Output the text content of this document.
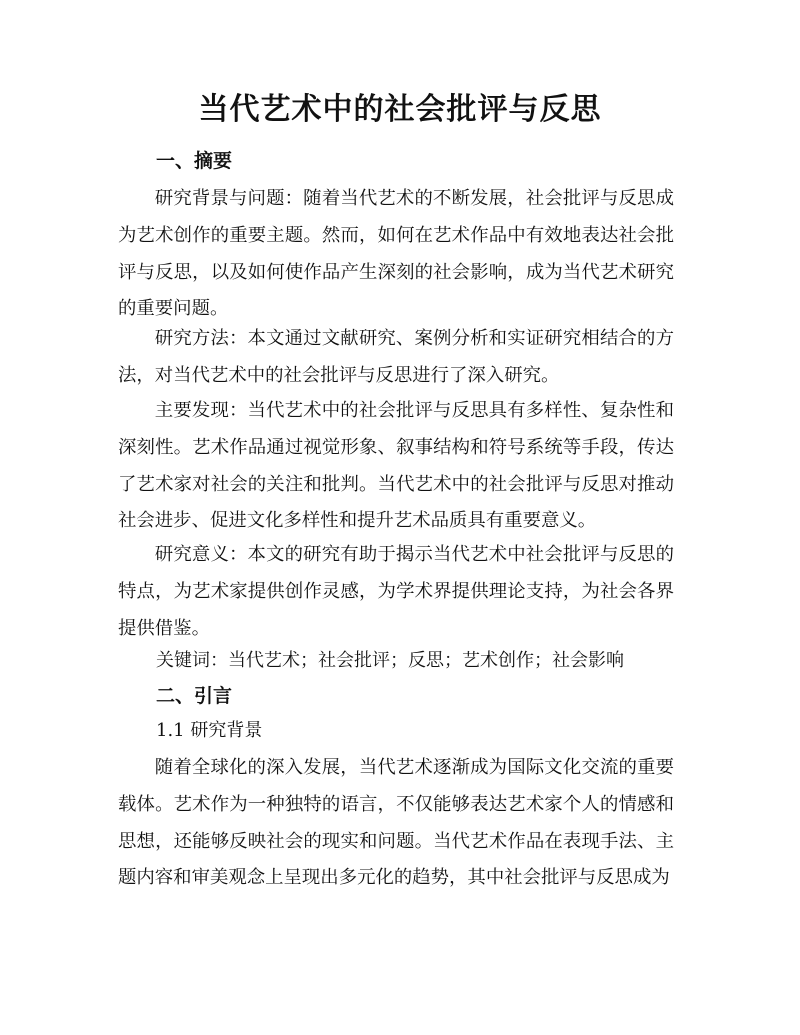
当代艺术中的社会批评与反思
一、摘要

研究背景与问题：随着当代艺术的不断发展，社会批评与反思成为艺术创作的重要主题。然而，如何在艺术作品中有效地表达社会批评与反思，以及如何使作品产生深刻的社会影响，成为当代艺术研究的重要问题。

研究方法：本文通过文献研究、案例分析和实证研究相结合的方法，对当代艺术中的社会批评与反思进行了深入研究。

主要发现：当代艺术中的社会批评与反思具有多样性、复杂性和深刻性。艺术作品通过视觉形象、叙事结构和符号系统等手段，传达了艺术家对社会的关注和批判。当代艺术中的社会批评与反思对推动社会进步、促进文化多样性和提升艺术品质具有重要意义。

研究意义：本文的研究有助于揭示当代艺术中社会批评与反思的特点，为艺术家提供创作灵感，为学术界提供理论支持，为社会各界提供借鉴。

关键词：当代艺术；社会批评；反思；艺术创作；社会影响

二、引言

1.1 研究背景

随着全球化的深入发展，当代艺术逐渐成为国际文化交流的重要载体。艺术作为一种独特的语言，不仅能够表达艺术家个人的情感和思想，还能够反映社会的现实和问题。当代艺术作品在表现手法、主题内容和审美观念上呈现出多元化的趋势，其中社会批评与反思成为
